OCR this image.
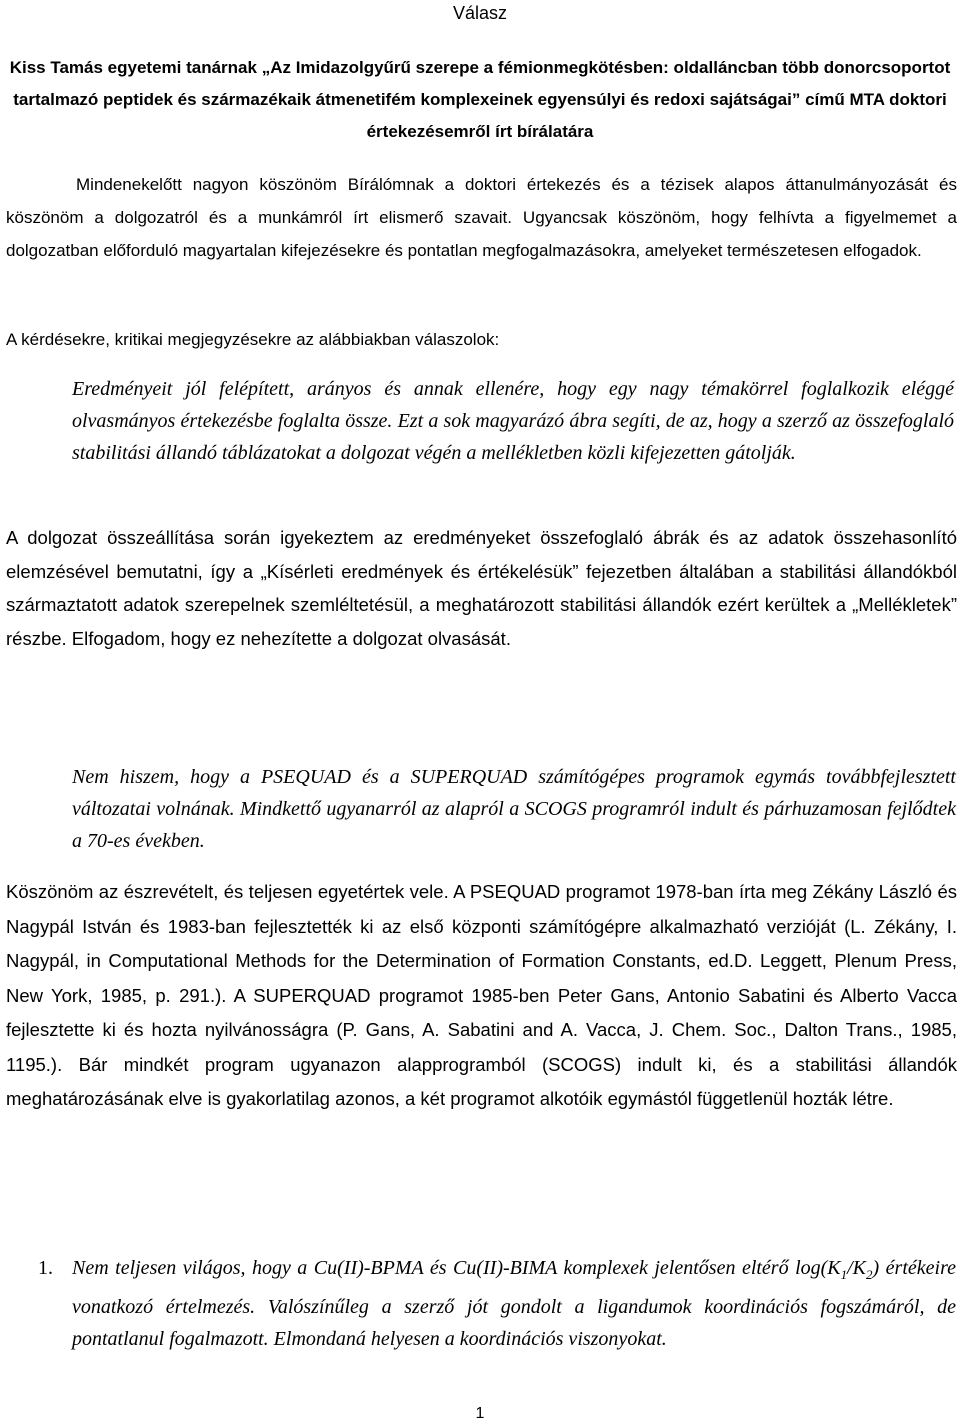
Válasz
Kiss Tamás egyetemi tanárnak „Az Imidazolgyűrű szerepe a fémionmegkötésben: oldalláncban több donorcsoportot tartalmazó peptidek és származékaik átmenetifém komplexeinek egyensúlyi és redoxi sajátságai” című MTA doktori értekezésemről írt bírálatára
Mindenekelőtt nagyon köszönöm Bírálómnak a doktori értekezés és a tézisek alapos áttanulmányozását és köszönöm a dolgozatról és a munkámról írt elismerő szavait. Ugyancsak köszönöm, hogy felhívta a figyelmemet a dolgozatban előforduló magyartalan kifejezésekre és pontatlan megfogalmazásokra, amelyeket természetesen elfogadok.
A kérdésekre, kritikai megjegyzésekre az alábbiakban válaszolok:
Eredményeit jól felépített, arányos és annak ellenére, hogy egy nagy témakörrel foglalkozik eléggé olvasmányos értekezésbe foglalta össze. Ezt a sok magyarázó ábra segíti, de az, hogy a szerző az összefoglaló stabilitási állandó táblázatokat a dolgozat végén a mellékletben közli kifejezetten gátolják.
A dolgozat összeállítása során igyekeztem az eredményeket összefoglaló ábrák és az adatok összehasonlító elemzésével bemutatni, így a „Kísérleti eredmények és értékelésük” fejezetben általában a stabilitási állandókból származtatott adatok szerepelnek szemléltetésül, a meghatározott stabilitási állandók ezért kerültek a „Mellékletek” részbe. Elfogadom, hogy ez nehezítette a dolgozat olvasását.
Nem hiszem, hogy a PSEQUAD és a SUPERQUAD számítógépes programok egymás továbbfejlesztett változatai volnának. Mindkettő ugyanarról az alapról a SCOGS programról indult és párhuzamosan fejlődtek a 70-es években.
Köszönöm az észrevételt, és teljesen egyetértek vele. A PSEQUAD programot 1978-ban írta meg Zékány László és Nagypál István és 1983-ban fejlesztették ki az első központi számítógépre alkalmazható verzióját (L. Zékány, I. Nagypál, in Computational Methods for the Determination of Formation Constants, ed.D. Leggett, Plenum Press, New York, 1985, p. 291.). A SUPERQUAD programot 1985-ben Peter Gans, Antonio Sabatini és Alberto Vacca fejlesztette ki és hozta nyilvánosságra (P. Gans, A. Sabatini and A. Vacca, J. Chem. Soc., Dalton Trans., 1985, 1195.). Bár mindkét program ugyanazon alapprogramból (SCOGS) indult ki, és a stabilitási állandók meghatározásának elve is gyakorlatilag azonos, a két programot alkotóik egymástól függetlenül hozták létre.
1. Nem teljesen világos, hogy a Cu(II)-BPMA és Cu(II)-BIMA komplexek jelentősen eltérő $\log(K_1/K_2)$ értékeire vonatkozó értelmezés. Valószínűleg a szerző jót gondolt a ligandumok koordinációs fogszámáról, de pontatlanul fogalmazott. Elmondaná helyesen a koordinációs viszonyokat.
1
